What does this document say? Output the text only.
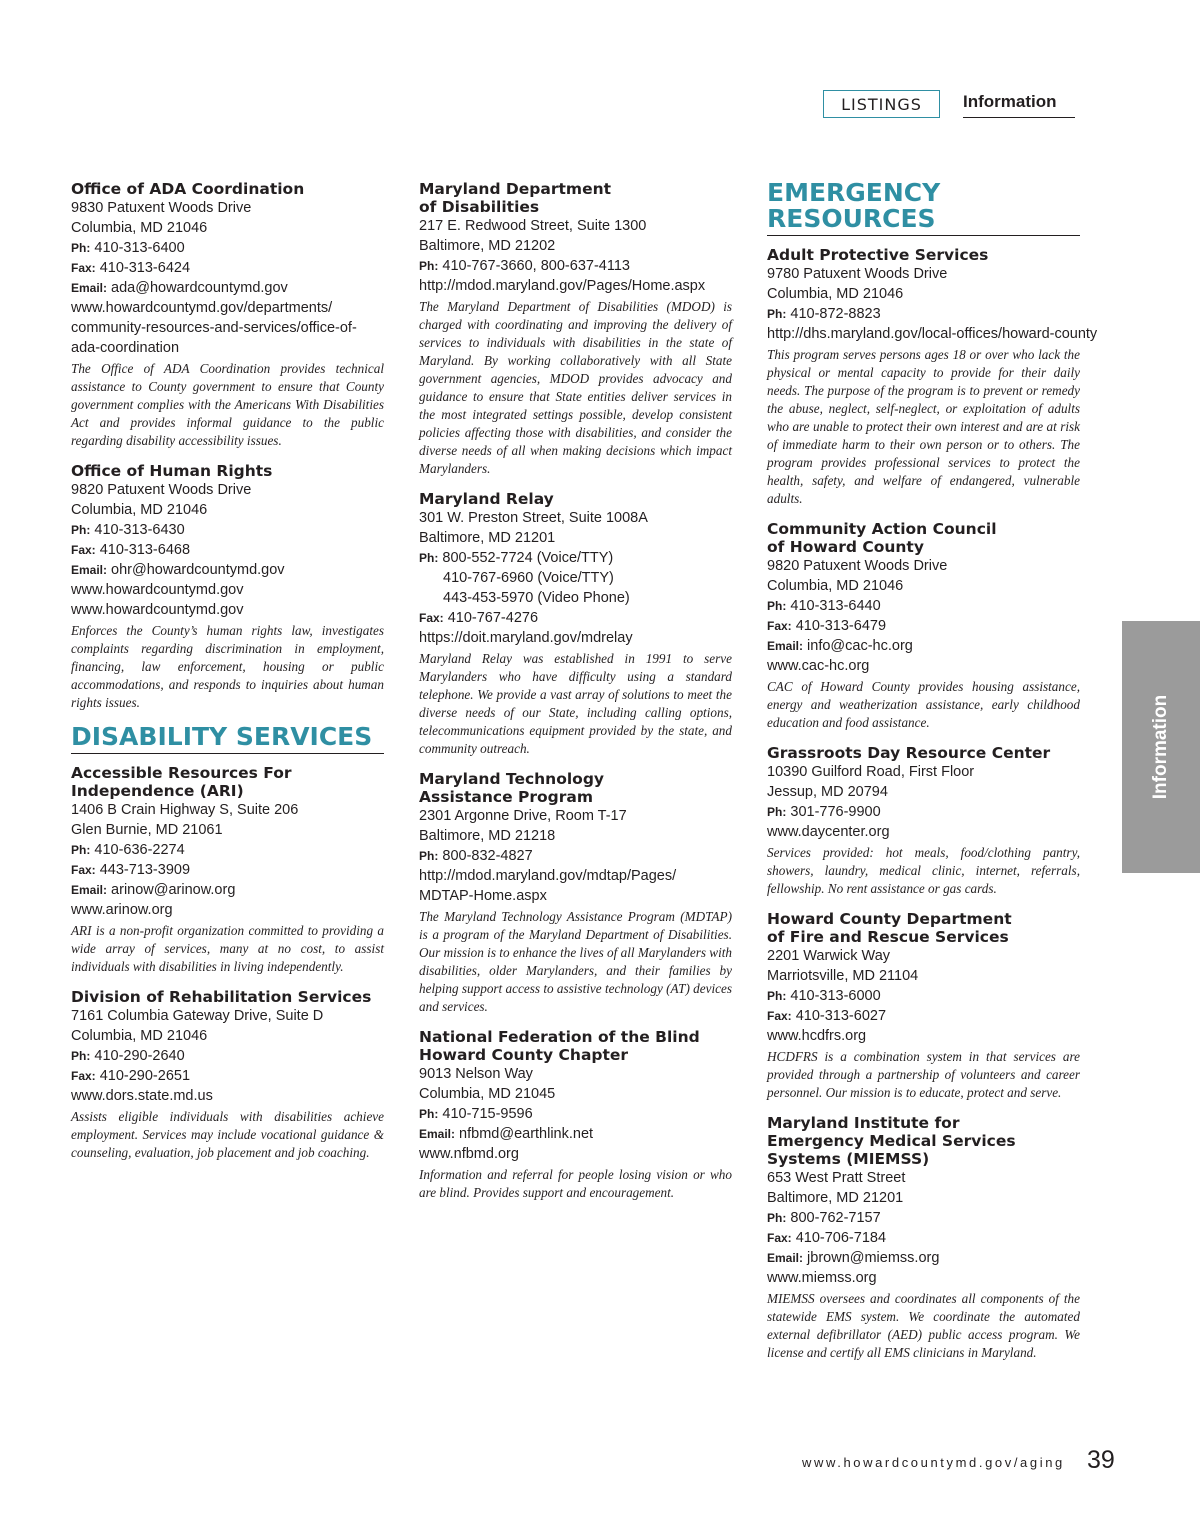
LISTINGS	Information
Office of ADA Coordination
9830 Patuxent Woods Drive
Columbia, MD 21046
Ph: 410-313-6400
Fax: 410-313-6424
Email: ada@howardcountymd.gov
www.howardcountymd.gov/departments/
community-resources-and-services/office-of-
ada-coordination
The Office of ADA Coordination provides technical assistance to County government to ensure that County government complies with the Americans With Disabilities Act and provides informal guidance to the public regarding disability accessibility issues.
Office of Human Rights
9820 Patuxent Woods Drive
Columbia, MD 21046
Ph: 410-313-6430
Fax: 410-313-6468
Email: ohr@howardcountymd.gov
www.howardcountymd.gov
www.howardcountymd.gov
Enforces the County’s human rights law, investigates complaints regarding discrimination in employment, financing, law enforcement, housing or public accommodations, and responds to inquiries about human rights issues.
DISABILITY SERVICES
Accessible Resources For
Independence (ARI)
1406 B Crain Highway S, Suite 206
Glen Burnie, MD 21061
Ph: 410-636-2274
Fax: 443-713-3909
Email: arinow@arinow.org
www.arinow.org
ARI is a non-profit organization committed to providing a wide array of services, many at no cost, to assist individuals with disabilities in living independently.
Division of Rehabilitation Services
7161 Columbia Gateway Drive, Suite D
Columbia, MD 21046
Ph: 410-290-2640
Fax: 410-290-2651
www.dors.state.md.us
Assists eligible individuals with disabilities achieve employment. Services may include vocational guidance & counseling, evaluation, job placement and job coaching.
Maryland Department
of Disabilities
217 E. Redwood Street, Suite 1300
Baltimore, MD 21202
Ph: 410-767-3660, 800-637-4113
http://mdod.maryland.gov/Pages/Home.aspx
The Maryland Department of Disabilities (MDOD) is charged with coordinating and improving the delivery of services to individuals with disabilities in the state of Maryland. By working collaboratively with all State government agencies, MDOD provides advocacy and guidance to ensure that State entities deliver services in the most integrated settings possible, develop consistent policies affecting those with disabilities, and consider the diverse needs of all when making decisions which impact Marylanders.
Maryland Relay
301 W. Preston Street, Suite 1008A
Baltimore, MD 21201
Ph: 800-552-7724 (Voice/TTY)
410-767-6960 (Voice/TTY)
443-453-5970 (Video Phone)
Fax: 410-767-4276
https://doit.maryland.gov/mdrelay
Maryland Relay was established in 1991 to serve Marylanders who have difficulty using a standard telephone. We provide a vast array of solutions to meet the diverse needs of our State, including calling options, telecommunications equipment provided by the state, and community outreach.
Maryland Technology
Assistance Program
2301 Argonne Drive, Room T-17
Baltimore, MD 21218
Ph: 800-832-4827
http://mdod.maryland.gov/mdtap/Pages/
MDTAP-Home.aspx
The Maryland Technology Assistance Program (MDTAP) is a program of the Maryland Department of Disabilities. Our mission is to enhance the lives of all Marylanders with disabilities, older Marylanders, and their families by helping support access to assistive technology (AT) devices and services.
National Federation of the Blind
Howard County Chapter
9013 Nelson Way
Columbia, MD 21045
Ph: 410-715-9596
Email: nfbmd@earthlink.net
www.nfbmd.org
Information and referral for people losing vision or who are blind. Provides support and encouragement.
EMERGENCY
RESOURCES
Adult Protective Services
9780 Patuxent Woods Drive
Columbia, MD 21046
Ph: 410-872-8823
http://dhs.maryland.gov/local-offices/howard-county
This program serves persons ages 18 or over who lack the physical or mental capacity to provide for their daily needs. The purpose of the program is to prevent or remedy the abuse, neglect, self-neglect, or exploitation of adults who are unable to protect their own interest and are at risk of immediate harm to their own person or to others. The program provides professional services to protect the health, safety, and welfare of endangered, vulnerable adults.
Community Action Council
of Howard County
9820 Patuxent Woods Drive
Columbia, MD 21046
Ph: 410-313-6440
Fax: 410-313-6479
Email: info@cac-hc.org
www.cac-hc.org
CAC of Howard County provides housing assistance, energy and weatherization assistance, early childhood education and food assistance.
Grassroots Day Resource Center
10390 Guilford Road, First Floor
Jessup, MD 20794
Ph: 301-776-9900
www.daycenter.org
Services provided: hot meals, food/clothing pantry, showers, laundry, medical clinic, internet, referrals, fellowship. No rent assistance or gas cards.
Howard County Department
of Fire and Rescue Services
2201 Warwick Way
Marriotsville, MD 21104
Ph: 410-313-6000
Fax: 410-313-6027
www.hcdfrs.org
HCDFRS is a combination system in that services are provided through a partnership of volunteers and career personnel. Our mission is to educate, protect and serve.
Maryland Institute for
Emergency Medical Services
Systems (MIEMSS)
653 West Pratt Street
Baltimore, MD 21201
Ph: 800-762-7157
Fax: 410-706-7184
Email: jbrown@miemss.org
www.miemss.org
MIEMSS oversees and coordinates all components of the statewide EMS system. We coordinate the automated external defibrillator (AED) public access program. We license and certify all EMS clinicians in Maryland.
Information
www.howardcountymd.gov/aging 39
